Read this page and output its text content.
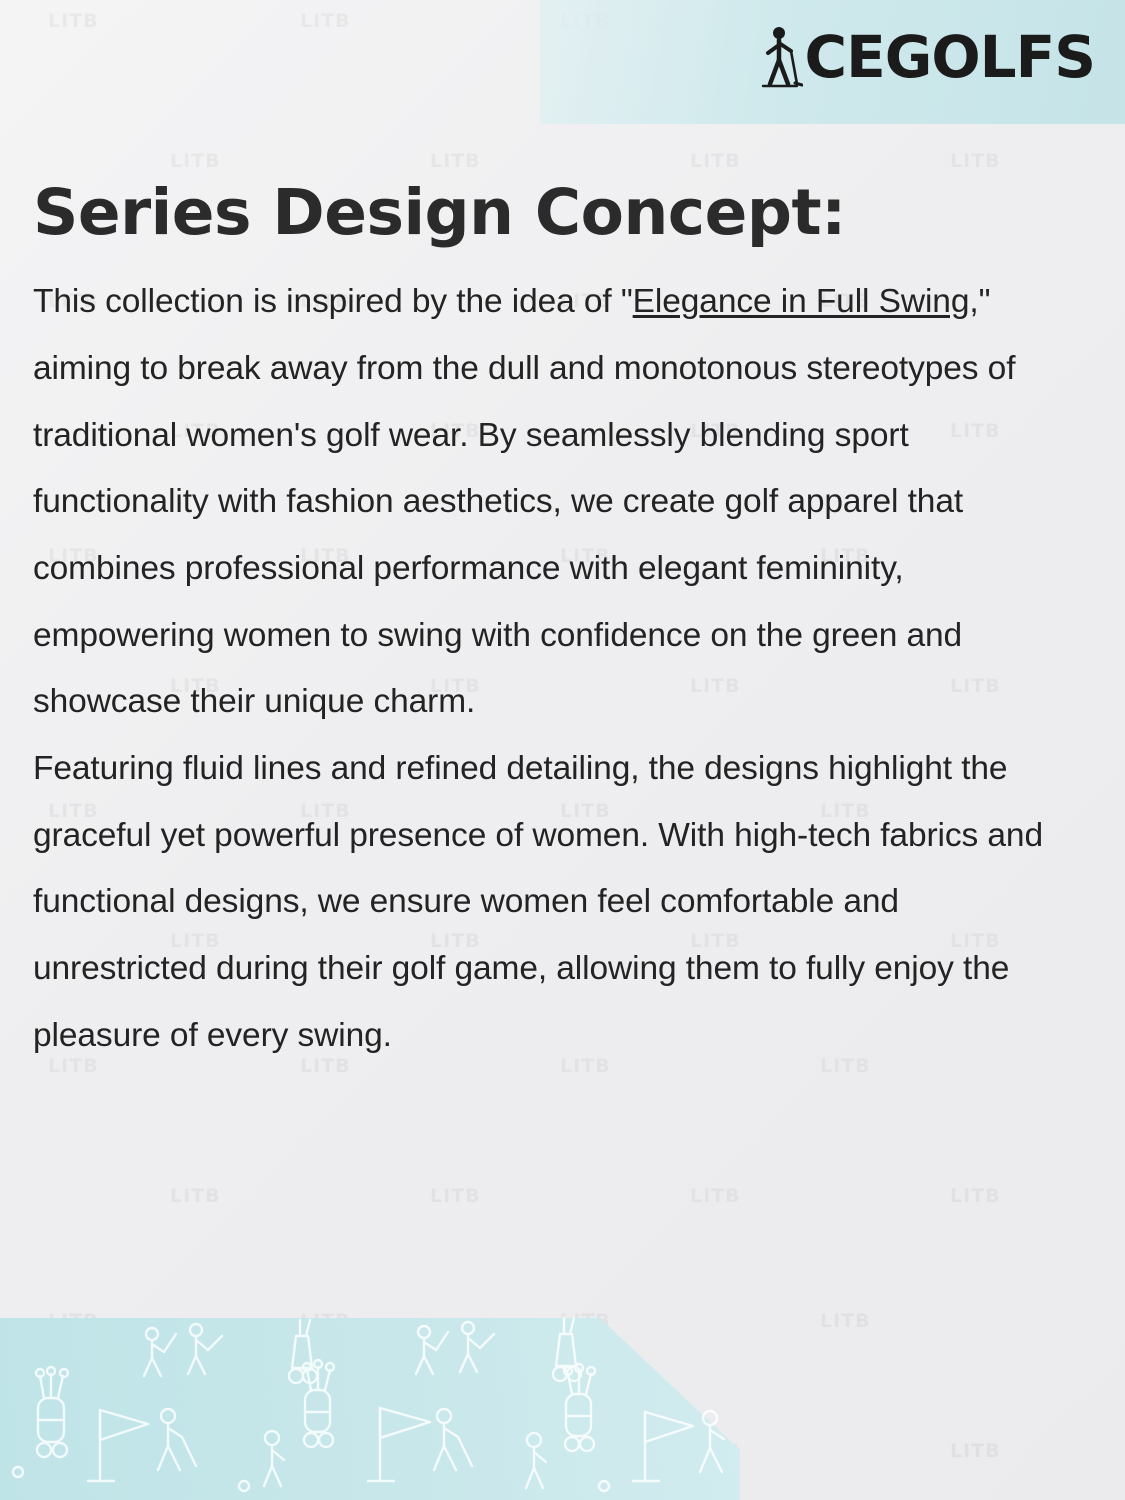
CEGOLFS
Series Design Concept:

This collection is inspired by the idea of "Elegance in Full Swing," aiming to break away from the dull and monotonous stereotypes of traditional women's golf wear. By seamlessly blending sport functionality with fashion aesthetics, we create golf apparel that combines professional performance with elegant femininity, empowering women to swing with confidence on the green and showcase their unique charm.

Featuring fluid lines and refined detailing, the designs highlight the graceful yet powerful presence of women. With high-tech fabrics and functional designs, we ensure women feel comfortable and unrestricted during their golf game, allowing them to fully enjoy the pleasure of every swing.
